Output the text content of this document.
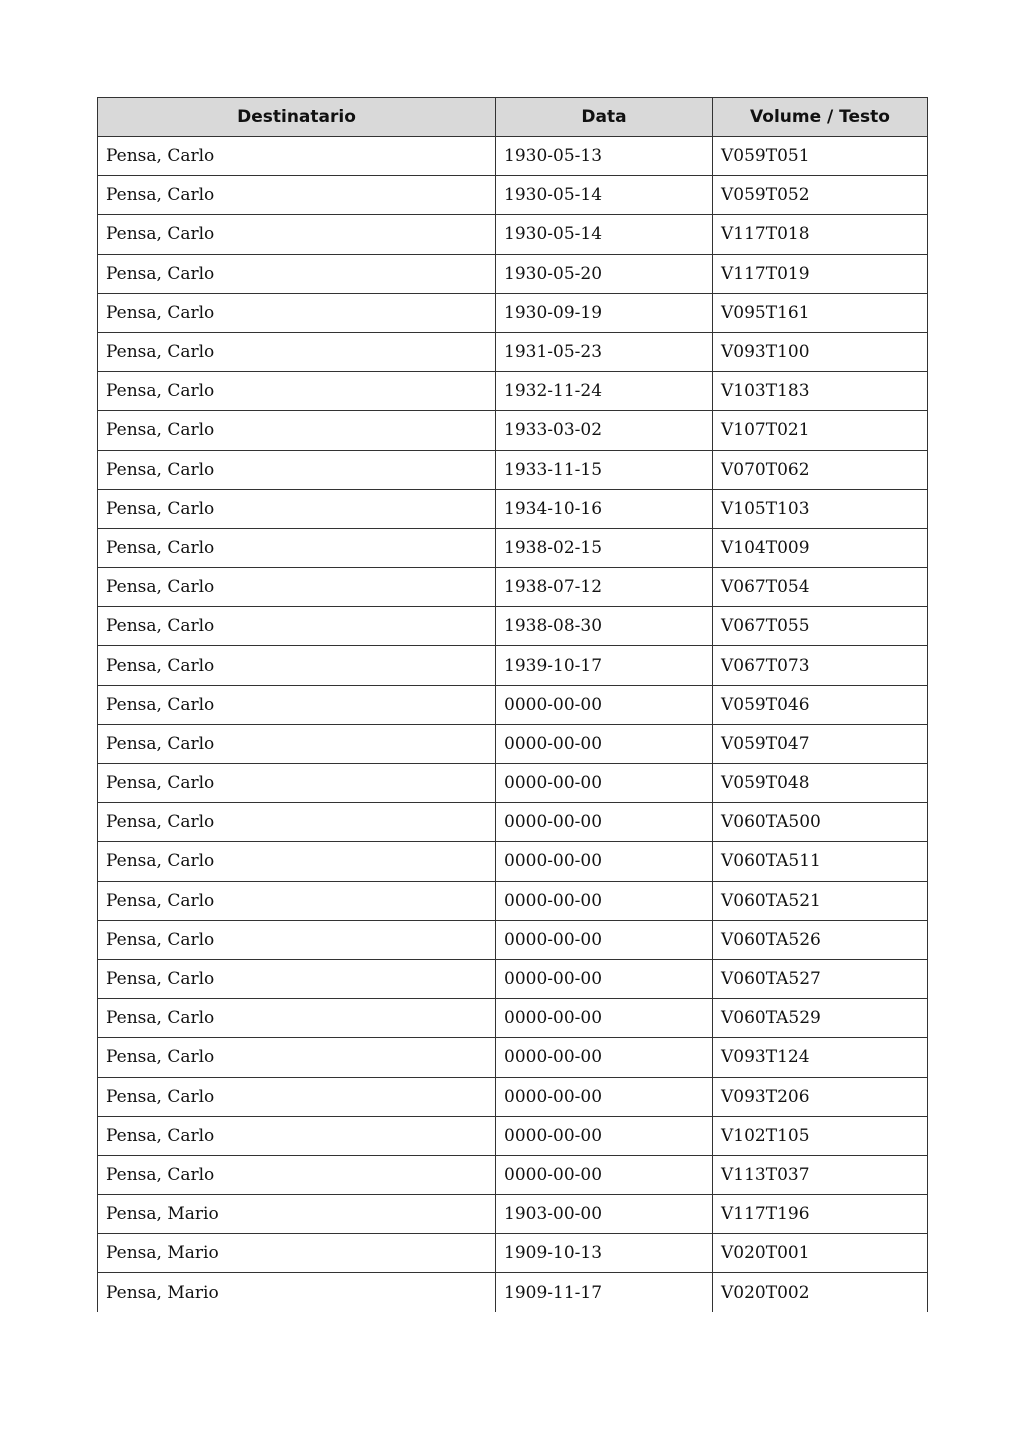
Destinatario	Data	Volume / Testo
Pensa, Carlo	1930-05-13	V059T051
Pensa, Carlo	1930-05-14	V059T052
Pensa, Carlo	1930-05-14	V117T018
Pensa, Carlo	1930-05-20	V117T019
Pensa, Carlo	1930-09-19	V095T161
Pensa, Carlo	1931-05-23	V093T100
Pensa, Carlo	1932-11-24	V103T183
Pensa, Carlo	1933-03-02	V107T021
Pensa, Carlo	1933-11-15	V070T062
Pensa, Carlo	1934-10-16	V105T103
Pensa, Carlo	1938-02-15	V104T009
Pensa, Carlo	1938-07-12	V067T054
Pensa, Carlo	1938-08-30	V067T055
Pensa, Carlo	1939-10-17	V067T073
Pensa, Carlo	0000-00-00	V059T046
Pensa, Carlo	0000-00-00	V059T047
Pensa, Carlo	0000-00-00	V059T048
Pensa, Carlo	0000-00-00	V060TA500
Pensa, Carlo	0000-00-00	V060TA511
Pensa, Carlo	0000-00-00	V060TA521
Pensa, Carlo	0000-00-00	V060TA526
Pensa, Carlo	0000-00-00	V060TA527
Pensa, Carlo	0000-00-00	V060TA529
Pensa, Carlo	0000-00-00	V093T124
Pensa, Carlo	0000-00-00	V093T206
Pensa, Carlo	0000-00-00	V102T105
Pensa, Carlo	0000-00-00	V113T037
Pensa, Mario	1903-00-00	V117T196
Pensa, Mario	1909-10-13	V020T001
Pensa, Mario	1909-11-17	V020T002
